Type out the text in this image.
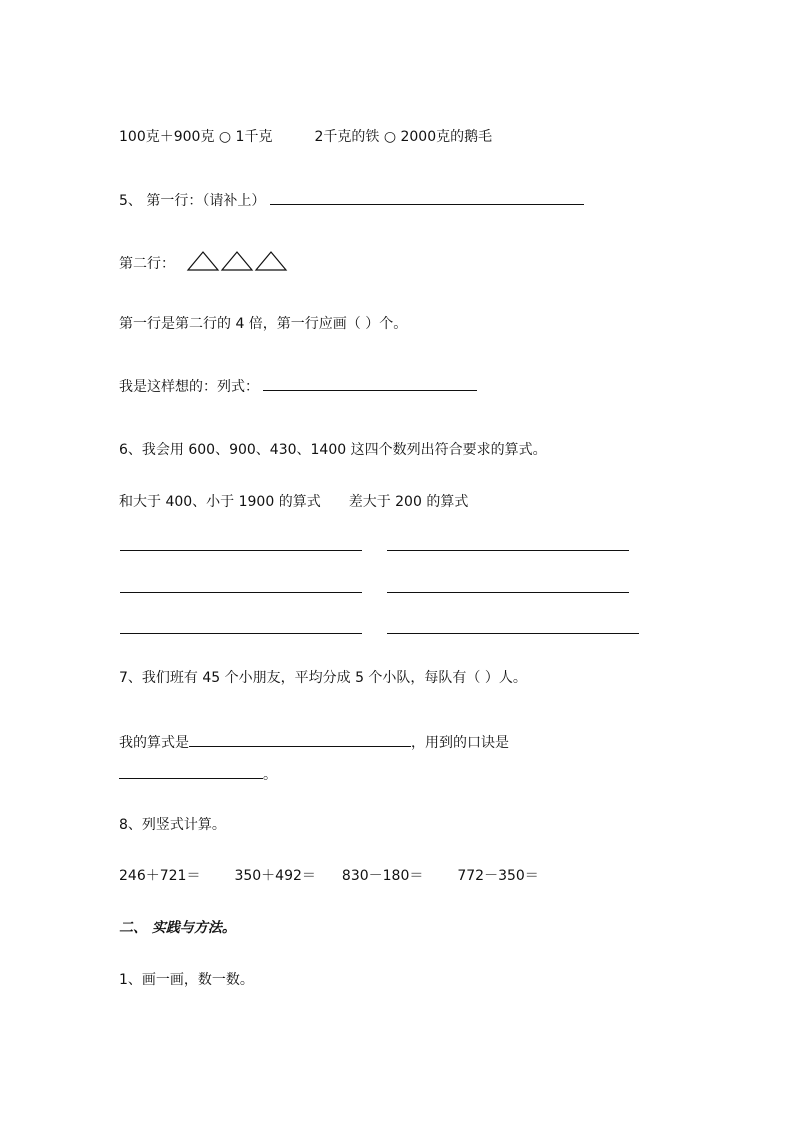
100克＋900克 ○ 1千克	2千克的铁 ○ 2000克的鹅毛
5、 第一行：（请补上）
第二行：
第一行是第二行的 4 倍，第一行应画（ ）个。
我是这样想的：列式：
6、我会用 600、900、430、1400 这四个数列出符合要求的算式。
和大于 400、小于 1900 的算式 差大于 200 的算式
7、我们班有 45 个小朋友，平均分成 5 个小队，每队有（ ）人。
我的算式是	，用到的口诀是
。
8、列竖式计算。
246＋721＝ 350＋492＝ 830－180＝ 772－350＝
二、 实践与方法。
1、画一画，数一数。
